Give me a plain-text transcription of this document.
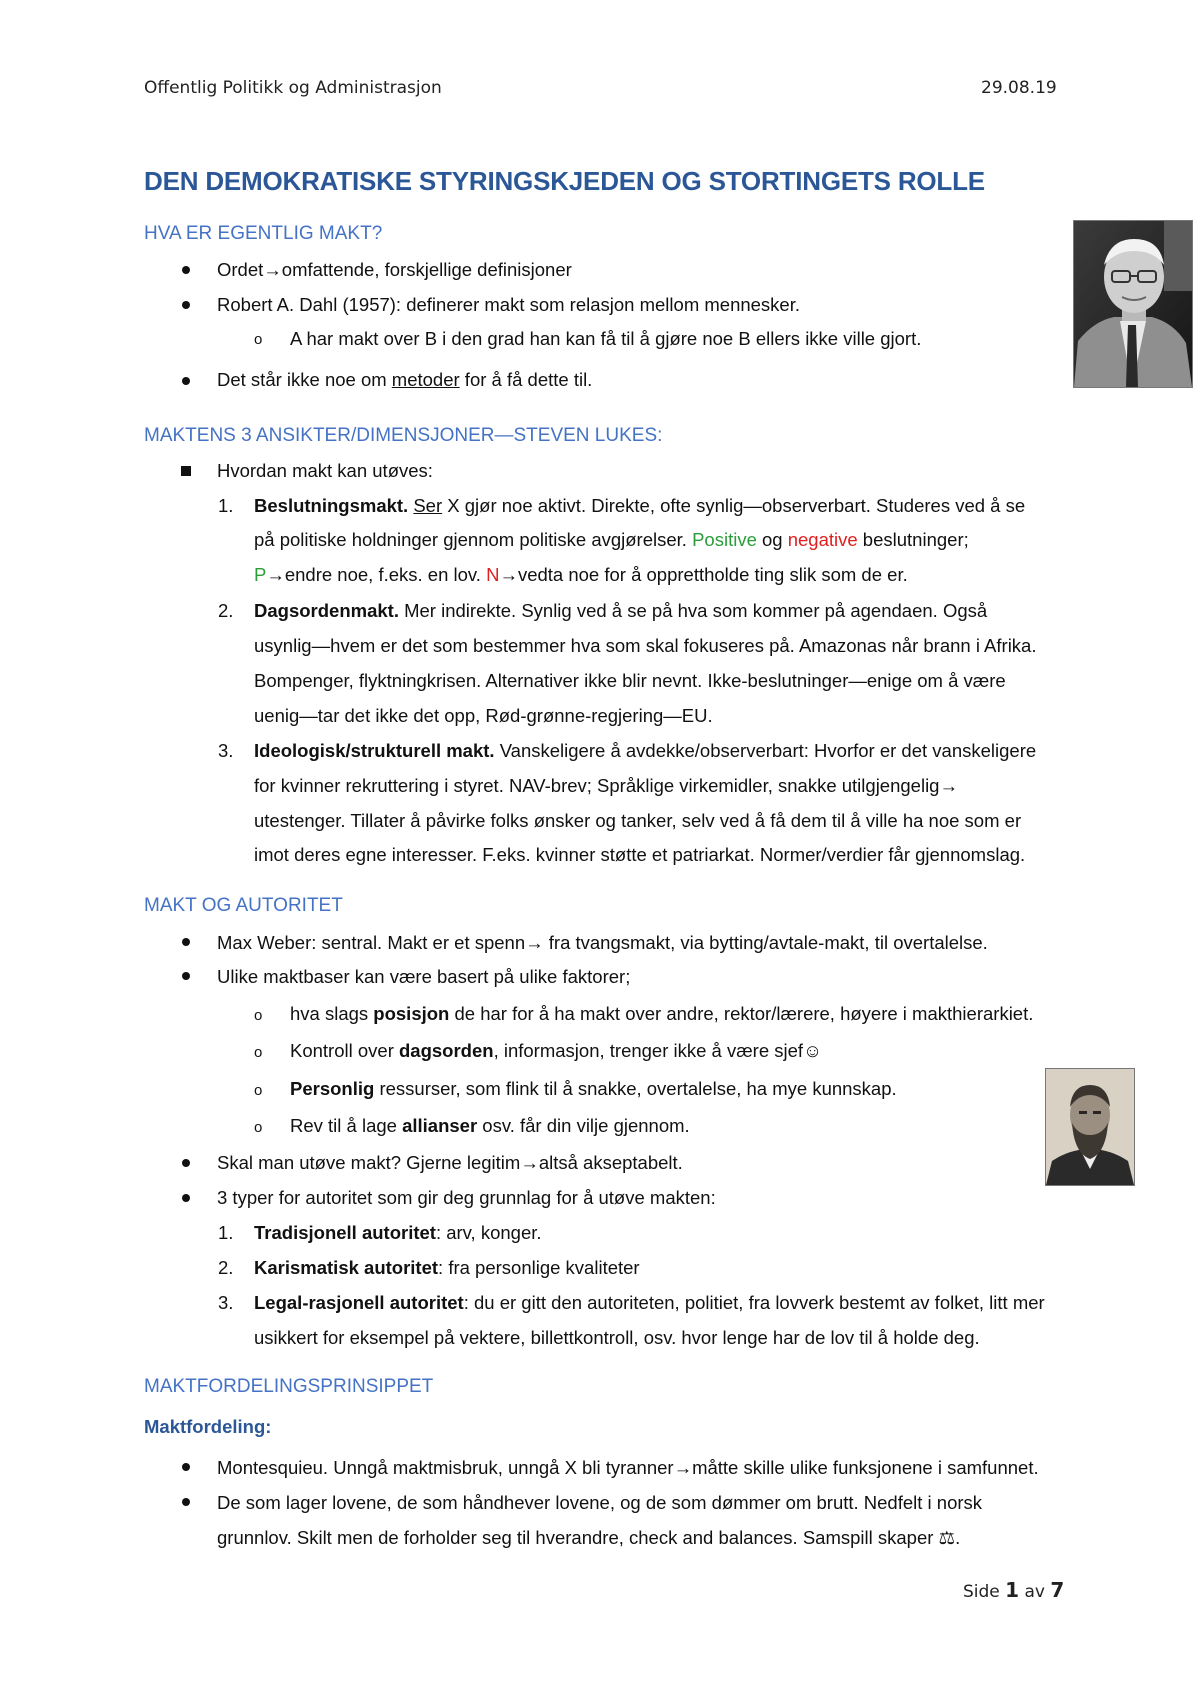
Offentlig Politikk og Administrasjon	29.08.19
DEN DEMOKRATISKE STYRINGSKJEDEN OG STORTINGETS ROLLE
HVA ER EGENTLIG MAKT?
Ordet→omfattende, forskjellige definisjoner
Robert A. Dahl (1957): definerer makt som relasjon mellom mennesker.
o A har makt over B i den grad han kan få til å gjøre noe B ellers ikke ville gjort.
Det står ikke noe om metoder for å få dette til.
MAKTENS 3 ANSIKTER/DIMENSJONER—STEVEN LUKES:
Hvordan makt kan utøves:
1. Beslutningsmakt. Ser X gjør noe aktivt. Direkte, ofte synlig—observerbart. Studeres ved å se
på politiske holdninger gjennom politiske avgjørelser. Positive og negative beslutninger;
P→endre noe, f.eks. en lov. N→vedta noe for å opprettholde ting slik som de er.
2. Dagsordenmakt. Mer indirekte. Synlig ved å se på hva som kommer på agendaen. Også
usynlig—hvem er det som bestemmer hva som skal fokuseres på. Amazonas når brann i Afrika.
Bompenger, flyktningkrisen. Alternativer ikke blir nevnt. Ikke-beslutninger—enige om å være
uenig—tar det ikke det opp, Rød-grønne-regjering—EU.
3. Ideologisk/strukturell makt. Vanskeligere å avdekke/observerbart: Hvorfor er det vanskeligere
for kvinner rekruttering i styret. NAV-brev; Språklige virkemidler, snakke utilgjengelig→
utestenger. Tillater å påvirke folks ønsker og tanker, selv ved å få dem til å ville ha noe som er
imot deres egne interesser. F.eks. kvinner støtte et patriarkat. Normer/verdier får gjennomslag.
MAKT OG AUTORITET
Max Weber: sentral. Makt er et spenn→ fra tvangsmakt, via bytting/avtale-makt, til overtalelse.
Ulike maktbaser kan være basert på ulike faktorer;
o hva slags posisjon de har for å ha makt over andre, rektor/lærere, høyere i makthierarkiet.
o Kontroll over dagsorden, informasjon, trenger ikke å være sjef☺
o Personlig ressurser, som flink til å snakke, overtalelse, ha mye kunnskap.
o Rev til å lage allianser osv. får din vilje gjennom.
Skal man utøve makt? Gjerne legitim→altså akseptabelt.
3 typer for autoritet som gir deg grunnlag for å utøve makten:
1. Tradisjonell autoritet: arv, konger.
2. Karismatisk autoritet: fra personlige kvaliteter
3. Legal-rasjonell autoritet: du er gitt den autoriteten, politiet, fra lovverk bestemt av folket, litt mer
usikkert for eksempel på vektere, billettkontroll, osv. hvor lenge har de lov til å holde deg.
MAKTFORDELINGSPRINSIPPET
Maktfordeling:
Montesquieu. Unngå maktmisbruk, unngå X bli tyranner→måtte skille ulike funksjonene i samfunnet.
De som lager lovene, de som håndhever lovene, og de som dømmer om brutt. Nedfelt i norsk
grunnlov. Skilt men de forholder seg til hverandre, check and balances. Samspill skaper ⚖.
Side 1 av 7
